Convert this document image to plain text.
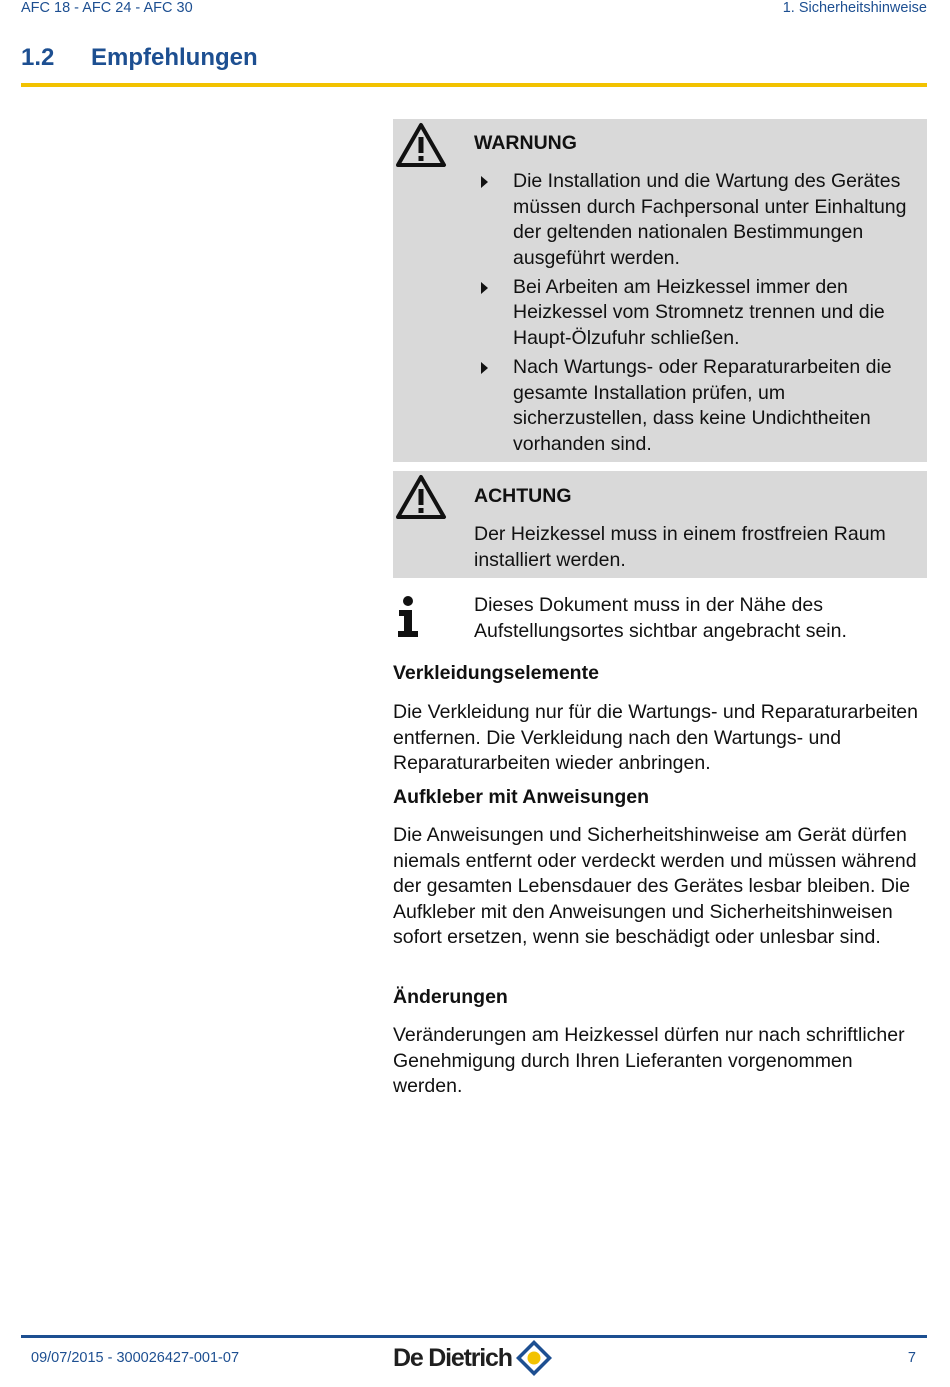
AFC 18 - AFC 24 - AFC 30	1. Sicherheitshinweise
1.2 Empfehlungen
WARNUNG
Die Installation und die Wartung des Gerätes müssen durch Fachpersonal unter Einhaltung der geltenden nationalen Bestimmungen ausgeführt werden.
Bei Arbeiten am Heizkessel immer den Heizkessel vom Stromnetz trennen und die Haupt-Ölzufuhr schließen.
Nach Wartungs- oder Reparaturarbeiten die gesamte Installation prüfen, um sicherzustellen, dass keine Undichtheiten vorhanden sind.
ACHTUNG
Der Heizkessel muss in einem frostfreien Raum installiert werden.
Dieses Dokument muss in der Nähe des Aufstellungsortes sichtbar angebracht sein.
Verkleidungselemente
Die Verkleidung nur für die Wartungs- und Reparaturarbeiten entfernen. Die Verkleidung nach den Wartungs- und Reparaturarbeiten wieder anbringen.
Aufkleber mit Anweisungen
Die Anweisungen und Sicherheitshinweise am Gerät dürfen niemals entfernt oder verdeckt werden und müssen während der gesamten Lebensdauer des Gerätes lesbar bleiben. Die Aufkleber mit den Anweisungen und Sicherheitshinweisen sofort ersetzen, wenn sie beschädigt oder unlesbar sind.
Änderungen
Veränderungen am Heizkessel dürfen nur nach schriftlicher Genehmigung durch Ihren Lieferanten vorgenommen werden.
09/07/2015 - 300026427-001-07	De Dietrich	7
